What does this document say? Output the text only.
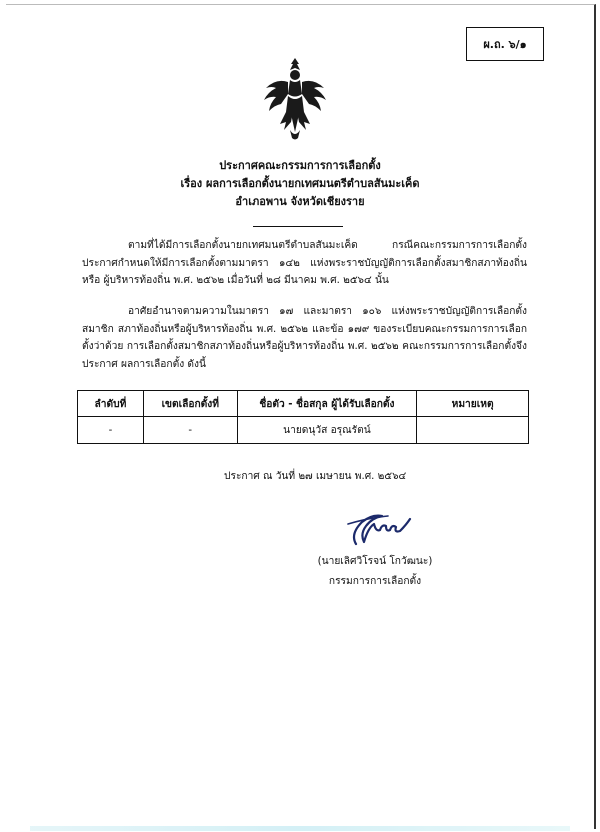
ผ.ถ. ๖/๑
ประกาศคณะกรรมการการเลือกตั้ง
เรื่อง ผลการเลือกตั้งนายกเทศมนตรีตำบลสันมะเค็ด
อำเภอพาน จังหวัดเชียงราย
ตามที่ได้มีการเลือกตั้งนายกเทศมนตรีตำบลสันมะเค็ด กรณีคณะกรรมการการเลือกตั้ง ประกาศกำหนดให้มีการเลือกตั้งตามมาตรา ๑๔๒ แห่งพระราชบัญญัติการเลือกตั้งสมาชิกสภาท้องถิ่นหรือ ผู้บริหารท้องถิ่น พ.ศ. ๒๕๖๒ เมื่อวันที่ ๒๘ มีนาคม พ.ศ. ๒๕๖๔ นั้น
อาศัยอำนาจตามความในมาตรา ๑๗ และมาตรา ๑๐๖ แห่งพระราชบัญญัติการเลือกตั้งสมาชิก สภาท้องถิ่นหรือผู้บริหารท้องถิ่น พ.ศ. ๒๕๖๒ และข้อ ๑๗๙ ของระเบียบคณะกรรมการการเลือกตั้งว่าด้วย การเลือกตั้งสมาชิกสภาท้องถิ่นหรือผู้บริหารท้องถิ่น พ.ศ. ๒๕๖๒ คณะกรรมการการเลือกตั้งจึงประกาศ ผลการเลือกตั้ง ดังนี้
ลำดับที่	เขตเลือกตั้งที่	ชื่อตัว - ชื่อสกุล ผู้ได้รับเลือกตั้ง	หมายเหตุ
-	-	นายดนุวัส อรุณรัตน์	
ประกาศ ณ วันที่ ๒๗ เมษายน พ.ศ. ๒๕๖๔
(นายเลิศวิโรจน์ โกวัฒนะ)
กรรมการการเลือกตั้ง
